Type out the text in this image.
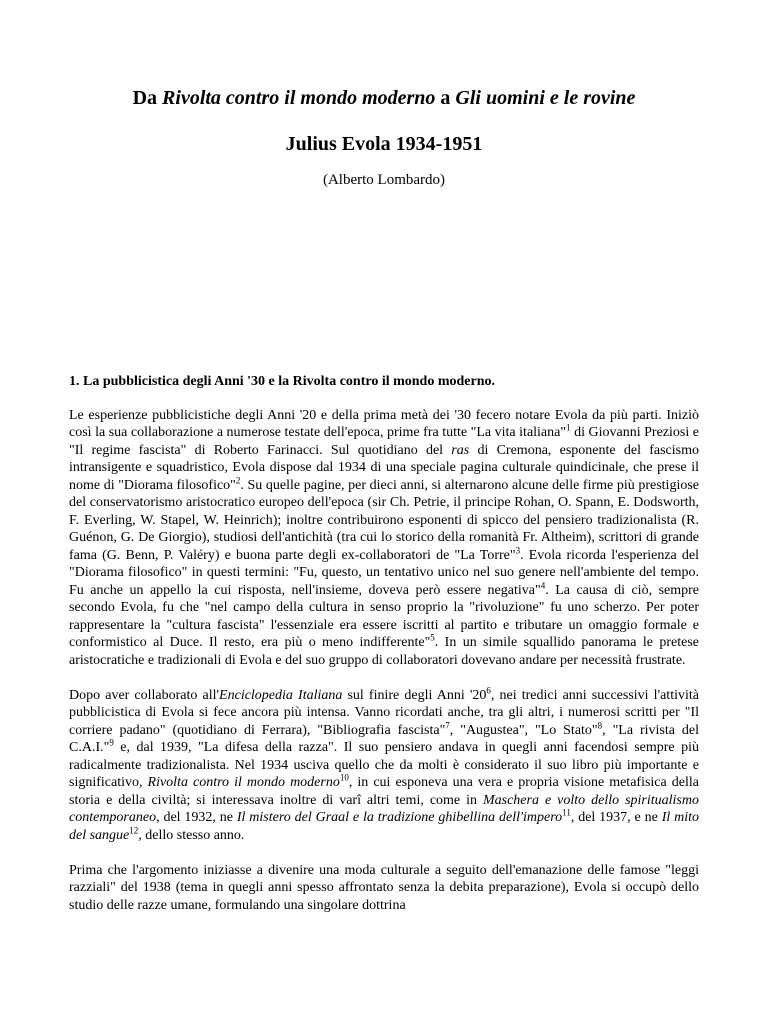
Da Rivolta contro il mondo moderno a Gli uomini e le rovine
Julius Evola 1934-1951
(Alberto Lombardo)
1. La pubblicistica degli Anni '30 e la Rivolta contro il mondo moderno.

Le esperienze pubblicistiche degli Anni '20 e della prima metà dei '30 fecero notare Evola da più parti. Iniziò così la sua collaborazione a numerose testate dell'epoca, prime fra tutte "La vita italiana"$^1$ di Giovanni Preziosi e "Il regime fascista" di Roberto Farinacci. Sul quotidiano del ras di Cremona, esponente del fascismo intransigente e squadristico, Evola dispose dal 1934 di una speciale pagina culturale quindicinale, che prese il nome di "Diorama filosofico"$^2$. Su quelle pagine, per dieci anni, si alternarono alcune delle firme più prestigiose del conservatorismo aristocratico europeo dell'epoca (sir Ch. Petrie, il principe Rohan, O. Spann, E. Dodsworth, F. Everling, W. Stapel, W. Heinrich); inoltre contribuirono esponenti di spicco del pensiero tradizionalista (R. Guénon, G. De Giorgio), studiosi dell'antichità (tra cui lo storico della romanità Fr. Altheim), scrittori di grande fama (G. Benn, P. Valéry) e buona parte degli ex-collaboratori de "La Torre"$^3$. Evola ricorda l'esperienza del "Diorama filosofico" in questi termini: "Fu, questo, un tentativo unico nel suo genere nell'ambiente del tempo. Fu anche un appello la cui risposta, nell'insieme, doveva però essere negativa"$^4$. La causa di ciò, sempre secondo Evola, fu che "nel campo della cultura in senso proprio la "rivoluzione" fu uno scherzo. Per poter rappresentare la "cultura fascista" l'essenziale era essere iscritti al partito e tributare un omaggio formale e conformistico al Duce. Il resto, era più o meno indifferente"$^5$. In un simile squallido panorama le pretese aristocratiche e tradizionali di Evola e del suo gruppo di collaboratori dovevano andare per necessità frustrate.

Dopo aver collaborato all'Enciclopedia Italiana sul finire degli Anni '$20^6$, nei tredici anni successivi l'attività pubblicistica di Evola si fece ancora più intensa. Vanno ricordati anche, tra gli altri, i numerosi scritti per "Il corriere padano" (quotidiano di Ferrara), "Bibliografia fascista"$^7$, "Augustea", "Lo Stato"$^8$, "La rivista del C.A.I."$^9$ e, dal 1939, "La difesa della razza". Il suo pensiero andava in quegli anni facendosi sempre più radicalmente tradizionalista. Nel 1934 usciva quello che da molti è considerato il suo libro più importante e significativo, Rivolta contro il mondo moderno$^{10}$, in cui esponeva una vera e propria visione metafisica della storia e della civiltà; si interessava inoltre di varî altri temi, come in Maschera e volto dello spiritualismo contemporaneo, del 1932, ne Il mistero del Graal e la tradizione ghibellina dell'impero$^{11}$, del 1937, e ne Il mito del sangue$^{12}$, dello stesso anno.

Prima che l'argomento iniziasse a divenire una moda culturale a seguito dell'emanazione delle famose "leggi razziali" del 1938 (tema in quegli anni spesso affrontato senza la debita preparazione), Evola si occupò dello studio delle razze umane, formulando una singolare dottrina
